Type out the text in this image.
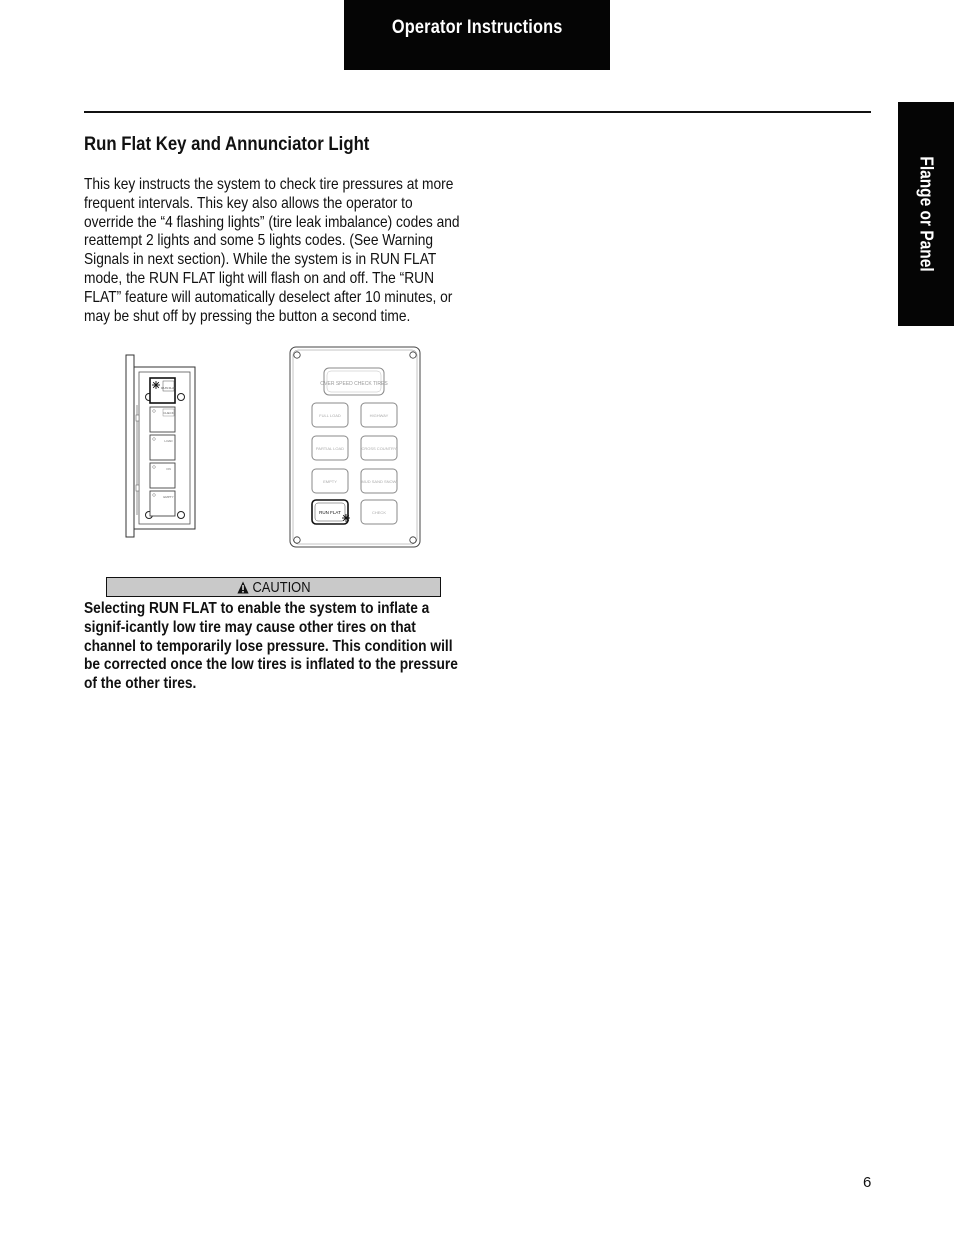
Operator Instructions
Flange or Panel
Run Flat Key and Annunciator Light

This key instructs the system to check tire pressures at more frequent intervals. This key also allows the operator to override the “4 flashing lights” (tire leak imbalance) codes and reattempt 2 lights and some 5 lights codes. (See Warning Signals in next section). While the system is in RUN FLAT mode, the RUN FLAT light will flash on and off. The “RUN FLAT” feature will automatically deselect after 10 minutes, or may be shut off by pressing the button a second time.

RUN FLAT
CHECK
LOAD
ON
EMPTY
OVER SPEED CHECK TIRES
FULL LOAD	HIGHWAY
PARTIAL LOAD	CROSS COUNTRY
EMPTY	MUD SAND SNOW
RUN FLAT	CHECK
CAUTION

Selecting RUN FLAT to enable the system to inflate a signif-icantly low tire may cause other tires on that channel to temporarily lose pressure. This condition will be corrected once the low tires is inflated to the pressure of the other tires.

6
